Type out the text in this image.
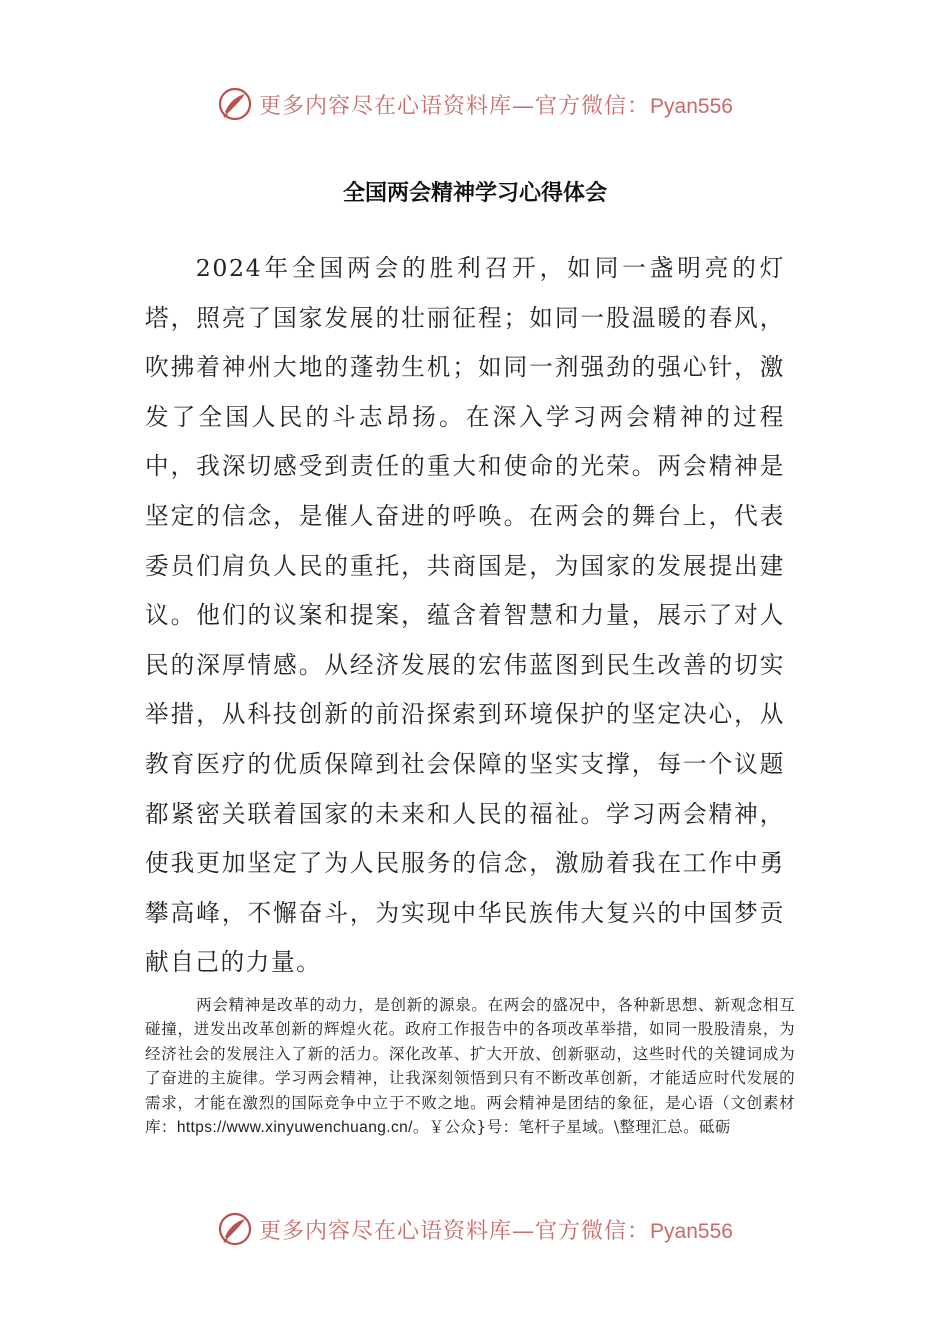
更多内容尽在心语资料库—官方微信：Pyan556
全国两会精神学习心得体会

2024年全国两会的胜利召开，如同一盏明亮的灯塔，照亮了国家发展的壮丽征程；如同一股温暖的春风，吹拂着神州大地的蓬勃生机；如同一剂强劲的强心针，激发了全国人民的斗志昂扬。在深入学习两会精神的过程中，我深切感受到责任的重大和使命的光荣。两会精神是坚定的信念，是催人奋进的呼唤。在两会的舞台上，代表委员们肩负人民的重托，共商国是，为国家的发展提出建议。他们的议案和提案，蕴含着智慧和力量，展示了对人民的深厚情感。从经济发展的宏伟蓝图到民生改善的切实举措，从科技创新的前沿探索到环境保护的坚定决心，从教育医疗的优质保障到社会保障的坚实支撑，每一个议题都紧密关联着国家的未来和人民的福祉。学习两会精神，使我更加坚定了为人民服务的信念，激励着我在工作中勇攀高峰，不懈奋斗，为实现中华民族伟大复兴的中国梦贡献自己的力量。

两会精神是改革的动力，是创新的源泉。在两会的盛况中，各种新思想、新观念相互碰撞，迸发出改革创新的辉煌火花。政府工作报告中的各项改革举措，如同一股股清泉，为经济社会的发展注入了新的活力。深化改革、扩大开放、创新驱动，这些时代的关键词成为了奋进的主旋律。学习两会精神，让我深刻领悟到只有不断改革创新，才能适应时代发展的需求，才能在激烈的国际竞争中立于不败之地。两会精神是团结的象征，是心语（文创素材库：https://www.xinyuwenchuang.cn/。￥公众}号：笔杆子星域。\整理汇总。砥砺

更多内容尽在心语资料库—官方微信：Pyan556
